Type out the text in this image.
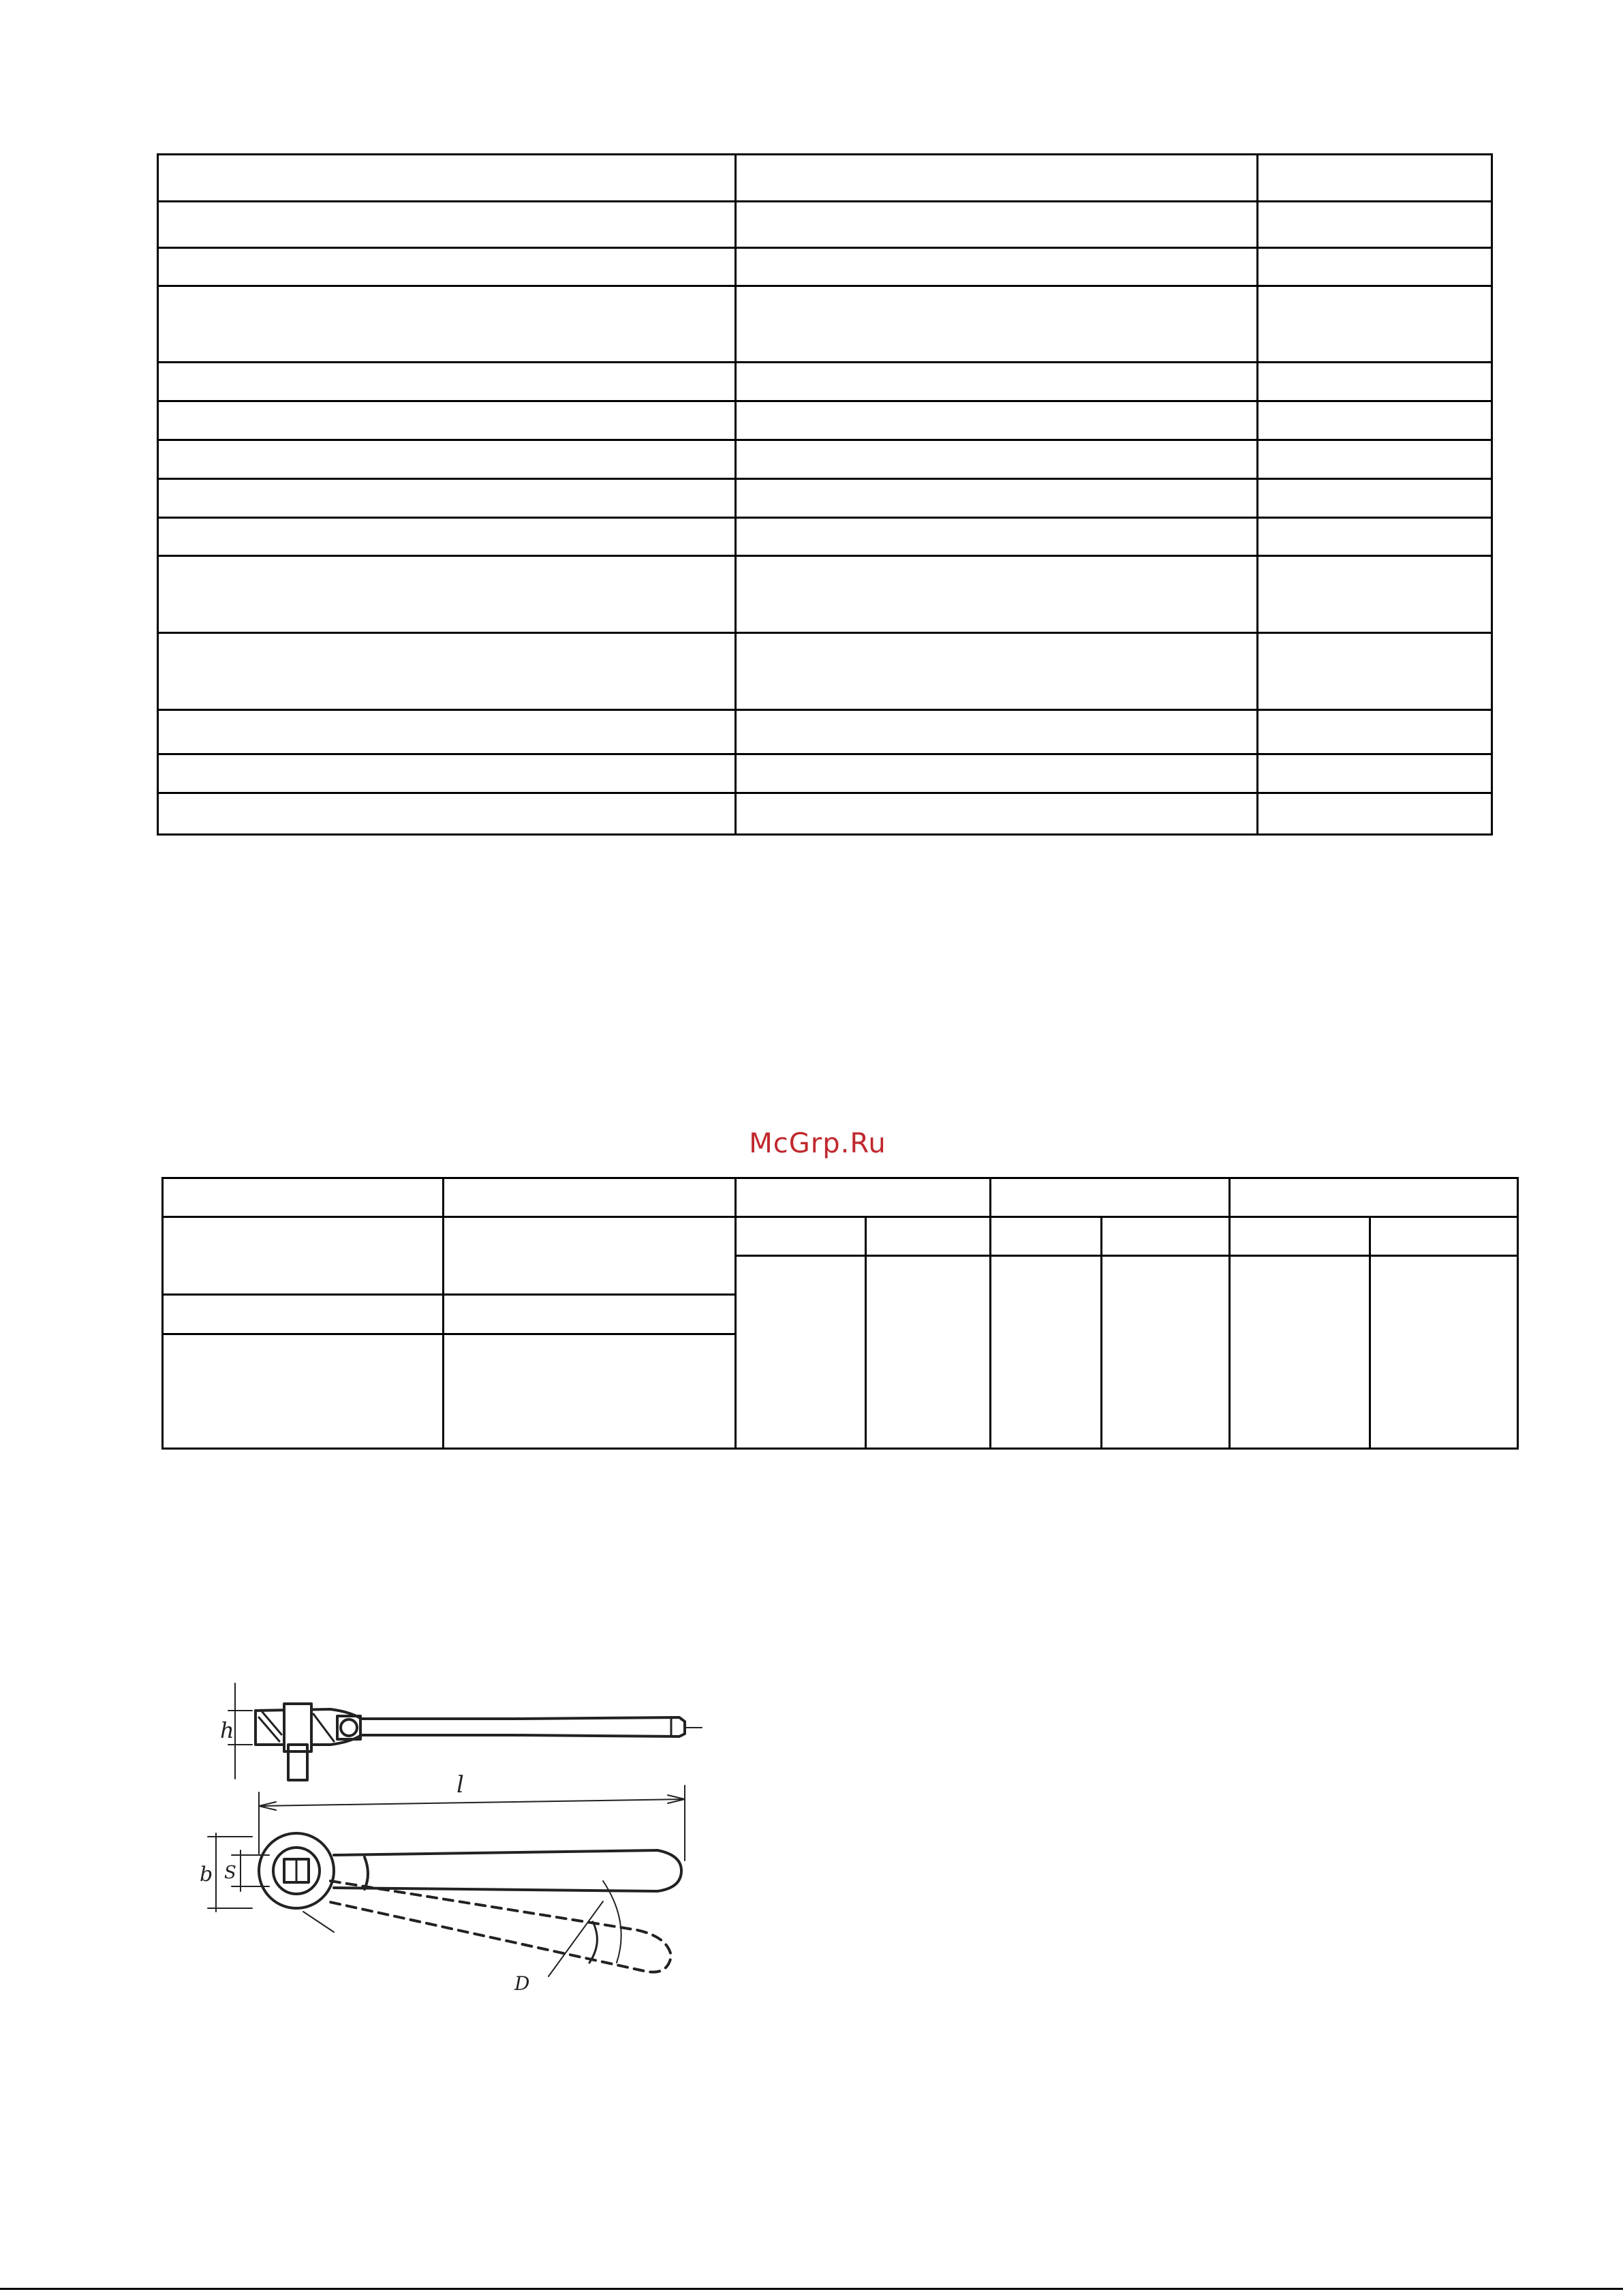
McGrp.Ru

h
l
b S
D
